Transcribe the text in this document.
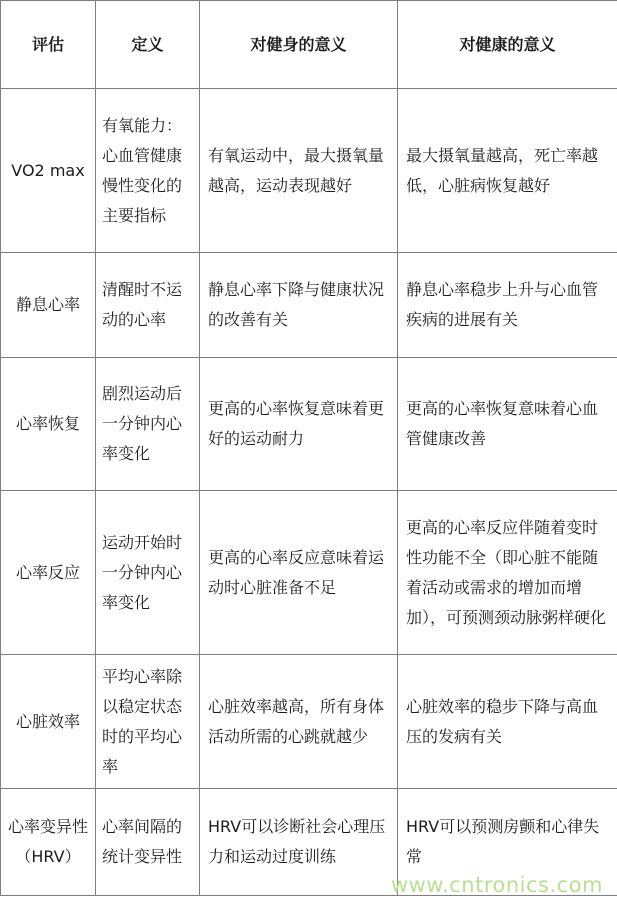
评估	定义	对健身的意义	对健康的意义
VO2 max	有氧能力：心血管健康慢性变化的主要指标	有氧运动中，最大摄氧量越高，运动表现越好	最大摄氧量越高，死亡率越低，心脏病恢复越好
静息心率	清醒时不运动的心率	静息心率下降与健康状况的改善有关	静息心率稳步上升与心血管疾病的进展有关
心率恢复	剧烈运动后一分钟内心率变化	更高的心率恢复意味着更好的运动耐力	更高的心率恢复意味着心血管健康改善
心率反应	运动开始时一分钟内心率变化	更高的心率反应意味着运动时心脏准备不足	更高的心率反应伴随着变时性功能不全（即心脏不能随着活动或需求的增加而增加），可预测颈动脉粥样硬化
心脏效率	平均心率除以稳定状态时的平均心率	心脏效率越高，所有身体活动所需的心跳就越少	心脏效率的稳步下降与高血压的发病有关
心率变异性（HRV）	心率间隔的统计变异性	HRV可以诊断社会心理压力和运动过度训练	HRV可以预测房颤和心律失常
www.cntronics.com
